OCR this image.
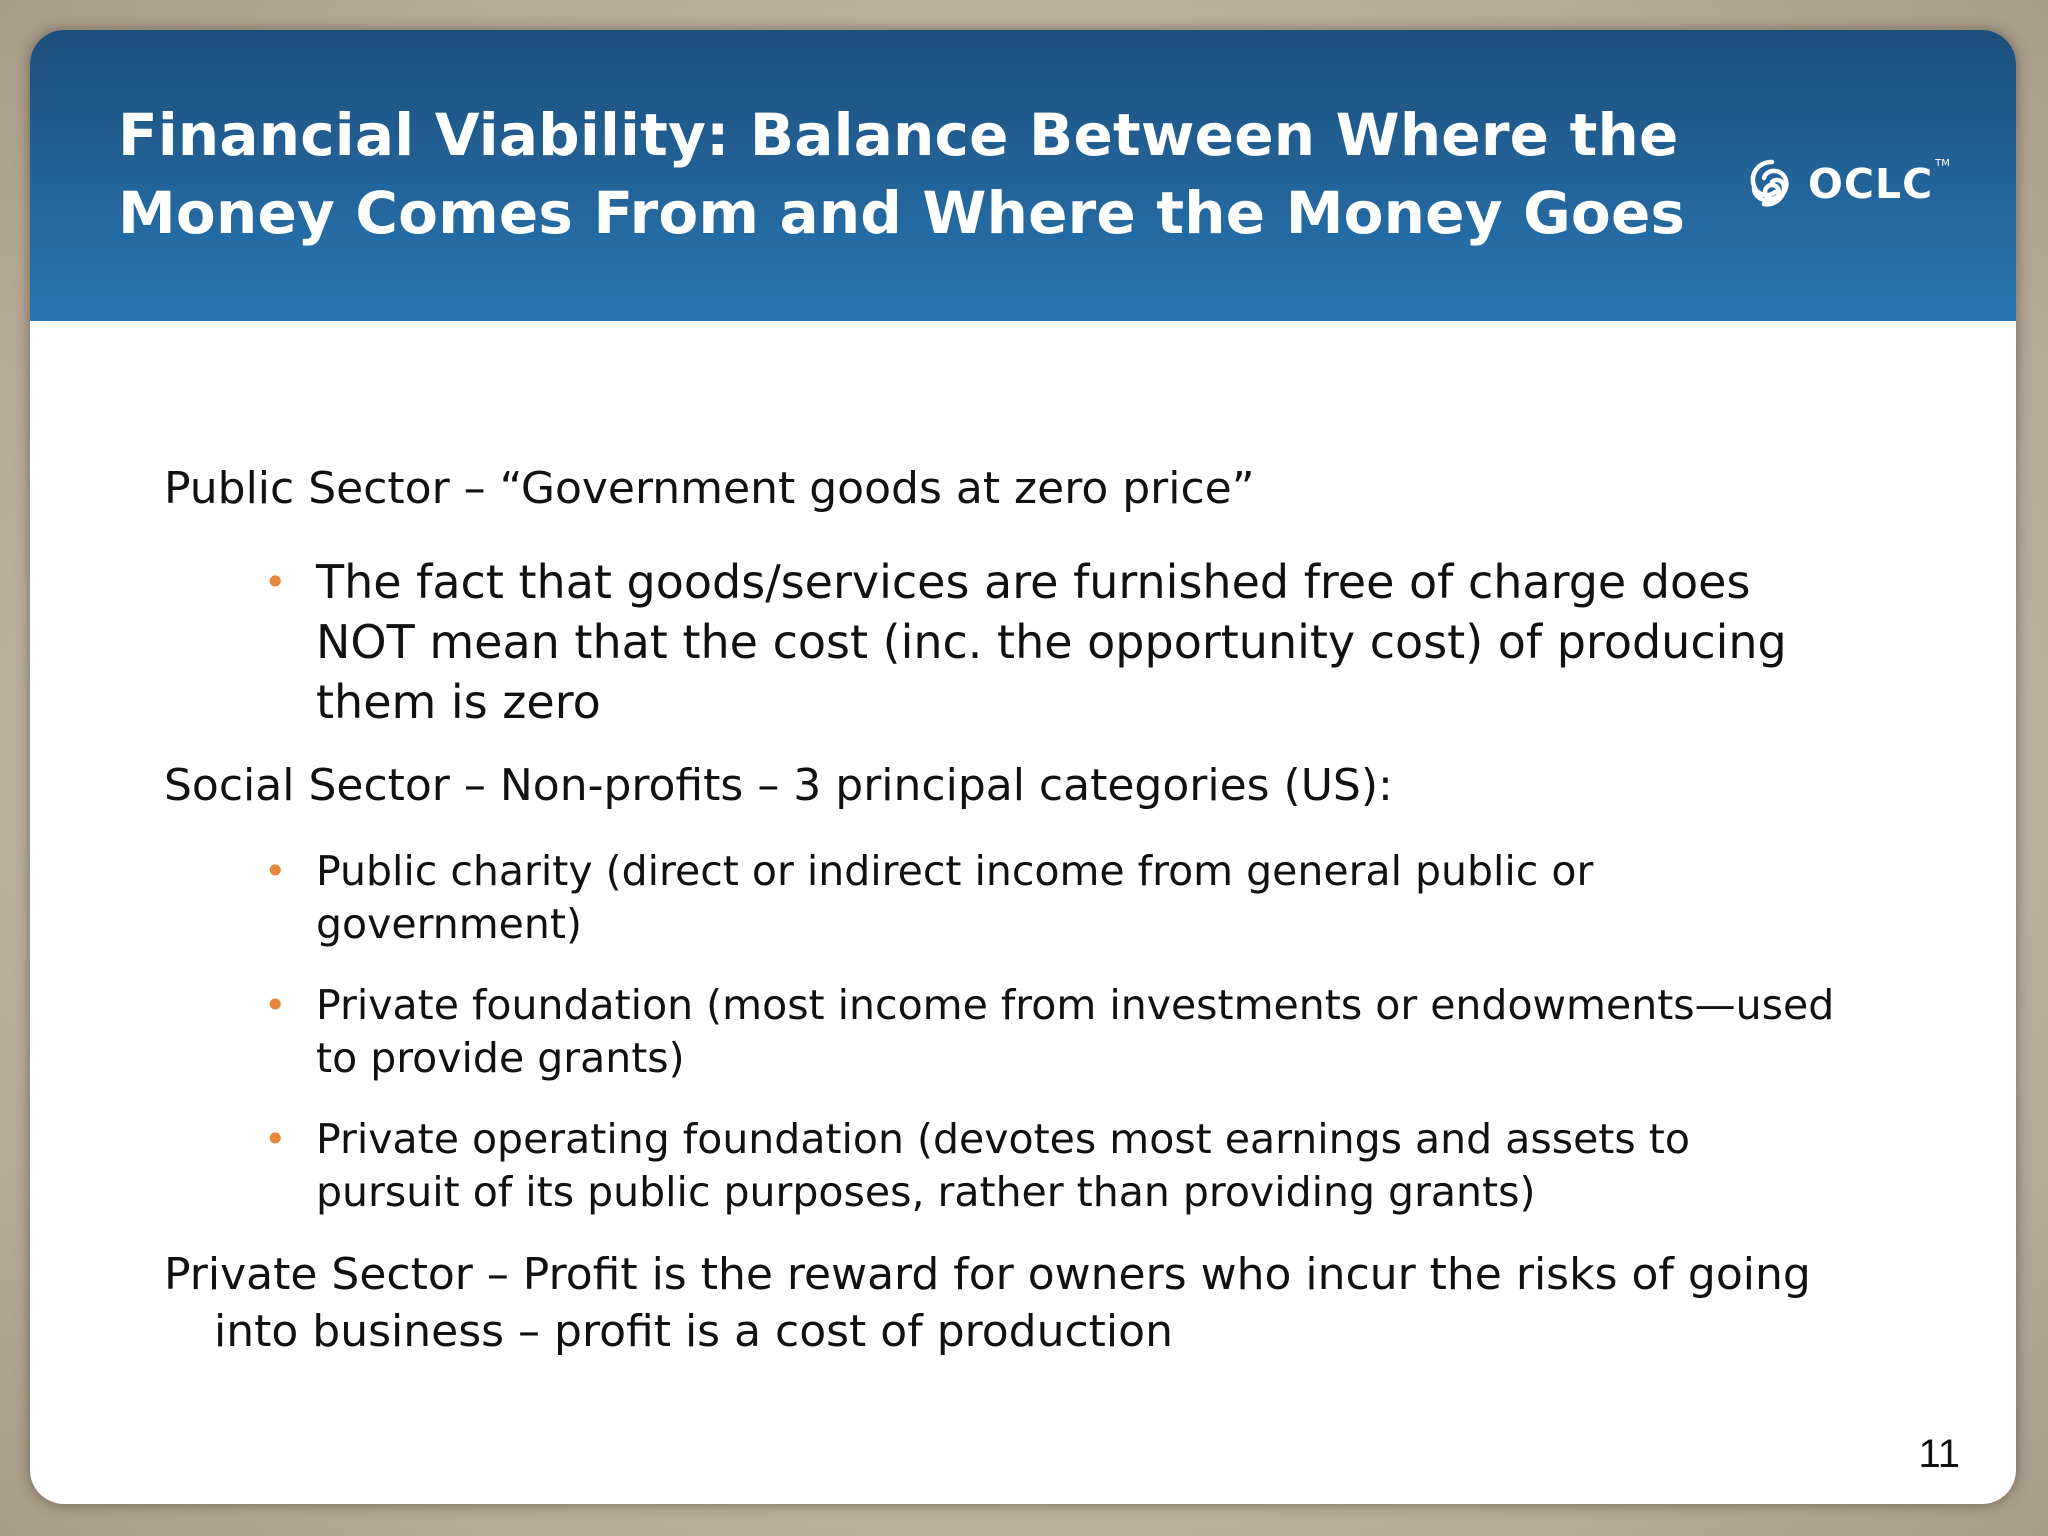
Financial Viability: Balance Between Where the
Money Comes From and Where the Money Goes	OCLC TM

Public Sector – “Government goods at zero price”

• The fact that goods/services are furnished free of charge does
NOT mean that the cost (inc. the opportunity cost) of producing
them is zero

Social Sector – Non-profits – 3 principal categories (US):

• Public charity (direct or indirect income from general public or
government)
• Private foundation (most income from investments or endowments—used
to provide grants)
• Private operating foundation (devotes most earnings and assets to
pursuit of its public purposes, rather than providing grants)

Private Sector – Profit is the reward for owners who incur the risks of going
into business – profit is a cost of production

11
